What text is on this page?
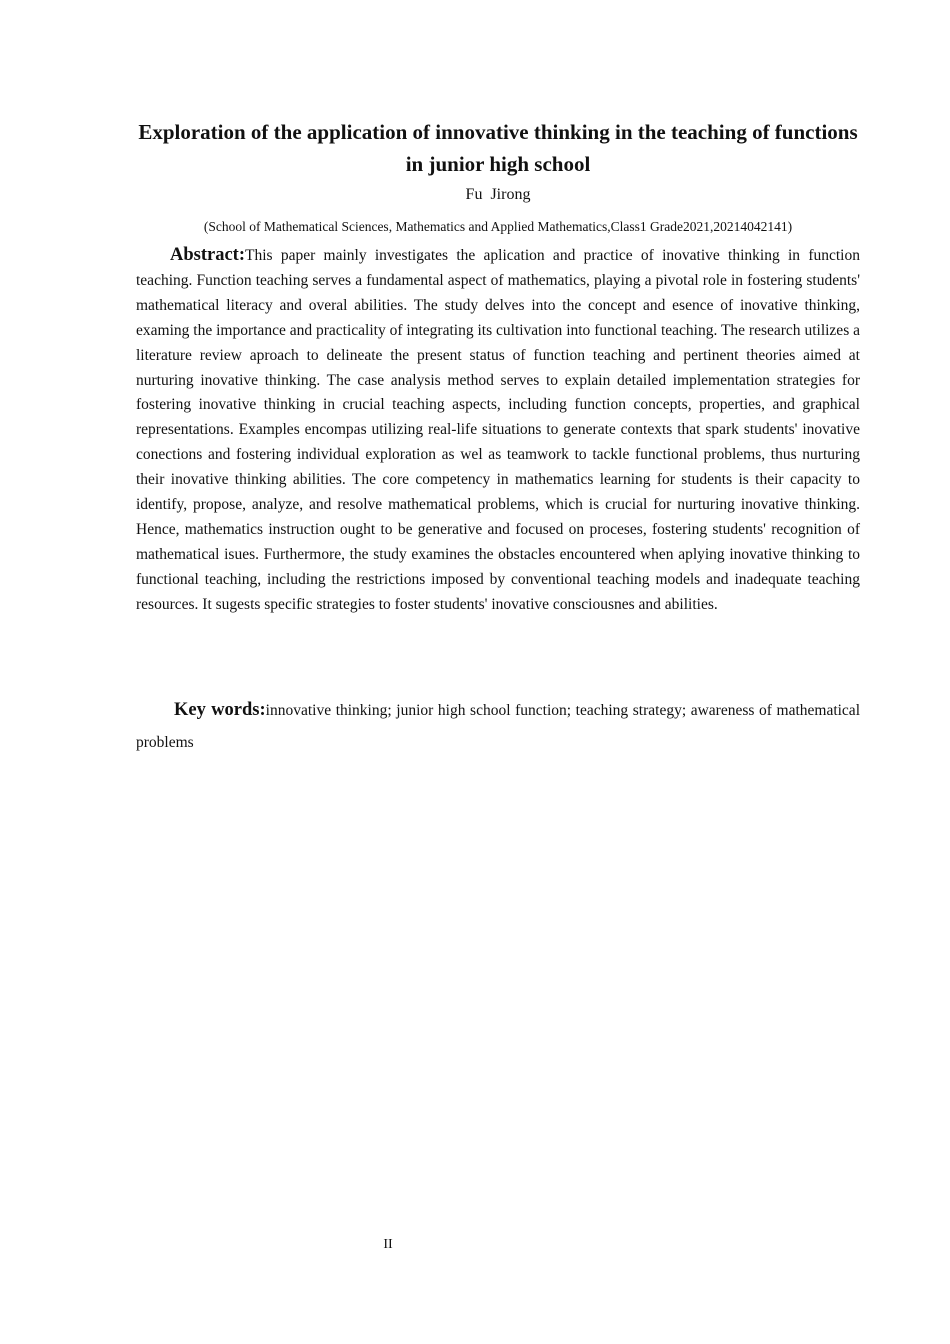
Exploration of the application of innovative thinking in the teaching of functions in junior high school
Fu Jirong
(School of Mathematical Sciences, Mathematics and Applied Mathematics,Class1 Grade2021,20214042141)

Abstract:This paper mainly investigates the aplication and practice of inovative thinking in function teaching. Function teaching serves a fundamental aspect of mathematics, playing a pivotal role in fostering students' mathematical literacy and overal abilities. The study delves into the concept and esence of inovative thinking, examing the importance and practicality of integrating its cultivation into functional teaching. The research utilizes a literature review aproach to delineate the present status of function teaching and pertinent theories aimed at nurturing inovative thinking. The case analysis method serves to explain detailed implementation strategies for fostering inovative thinking in crucial teaching aspects, including function concepts, properties, and graphical representations. Examples encompas utilizing real-life situations to generate contexts that spark students' inovative conections and fostering individual exploration as wel as teamwork to tackle functional problems, thus nurturing their inovative thinking abilities. The core competency in mathematics learning for students is their capacity to identify, propose, analyze, and resolve mathematical problems, which is crucial for nurturing inovative thinking. Hence, mathematics instruction ought to be generative and focused on proceses, fostering students' recognition of mathematical isues. Furthermore, the study examines the obstacles encountered when aplying inovative thinking to functional teaching, including the restrictions imposed by conventional teaching models and inadequate teaching resources. It sugests specific strategies to foster students' inovative consciousnes and abilities.

Key words:innovative thinking; junior high school function; teaching strategy; awareness of mathematical problems

II
